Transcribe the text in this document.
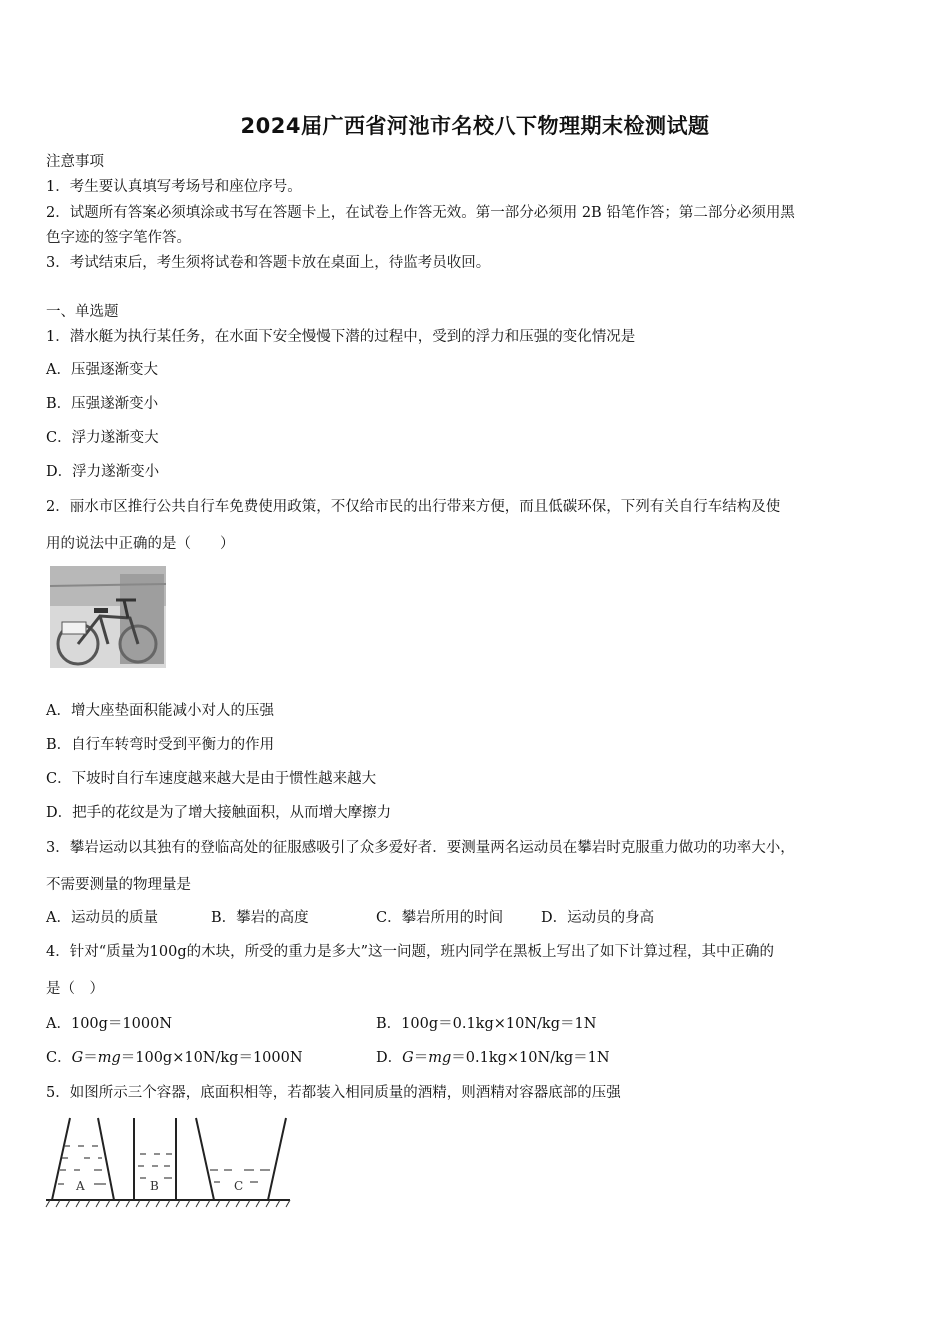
2024届广西省河池市名校八下物理期末检测试题
注意事项
1．考生要认真填写考场号和座位序号。
2．试题所有答案必须填涂或书写在答题卡上，在试卷上作答无效。第一部分必须用 2B 铅笔作答；第二部分必须用黑
色字迹的签字笔作答。
3．考试结束后，考生须将试卷和答题卡放在桌面上，待监考员收回。
一、单选题
1．潜水艇为执行某任务，在水面下安全慢慢下潜的过程中，受到的浮力和压强的变化情况是
A．压强逐渐变大
B．压强遂渐变小
C．浮力遂渐变大
D．浮力遂渐变小
2．丽水市区推行公共自行车免费使用政策，不仅给市民的出行带来方便，而且低碳环保，下列有关自行车结构及使
用的说法中正确的是（　　）
A．增大座垫面积能减小对人的压强
B．自行车转弯时受到平衡力的作用
C．下坡时自行车速度越来越大是由于惯性越来越大
D．把手的花纹是为了增大接触面积，从而增大摩擦力
3．攀岩运动以其独有的登临高处的征服感吸引了众多爱好者．要测量两名运动员在攀岩时克服重力做功的功率大小，
不需要测量的物理量是
A．运动员的质量	B．攀岩的高度	C．攀岩所用的时间	D．运动员的身高
4．针对“质量为100g的木块，所受的重力是多大”这一问题，班内同学在黑板上写出了如下计算过程，其中正确的
是（　）
A．100g＝1000N	B．100g＝0.1kg×10N/kg＝1N
C．G＝mg＝100g×10N/kg＝1000N	D．G＝mg＝0.1kg×10N/kg＝1N
5．如图所示三个容器，底面积相等，若都装入相同质量的酒精，则酒精对容器底部的压强
A	B	C
